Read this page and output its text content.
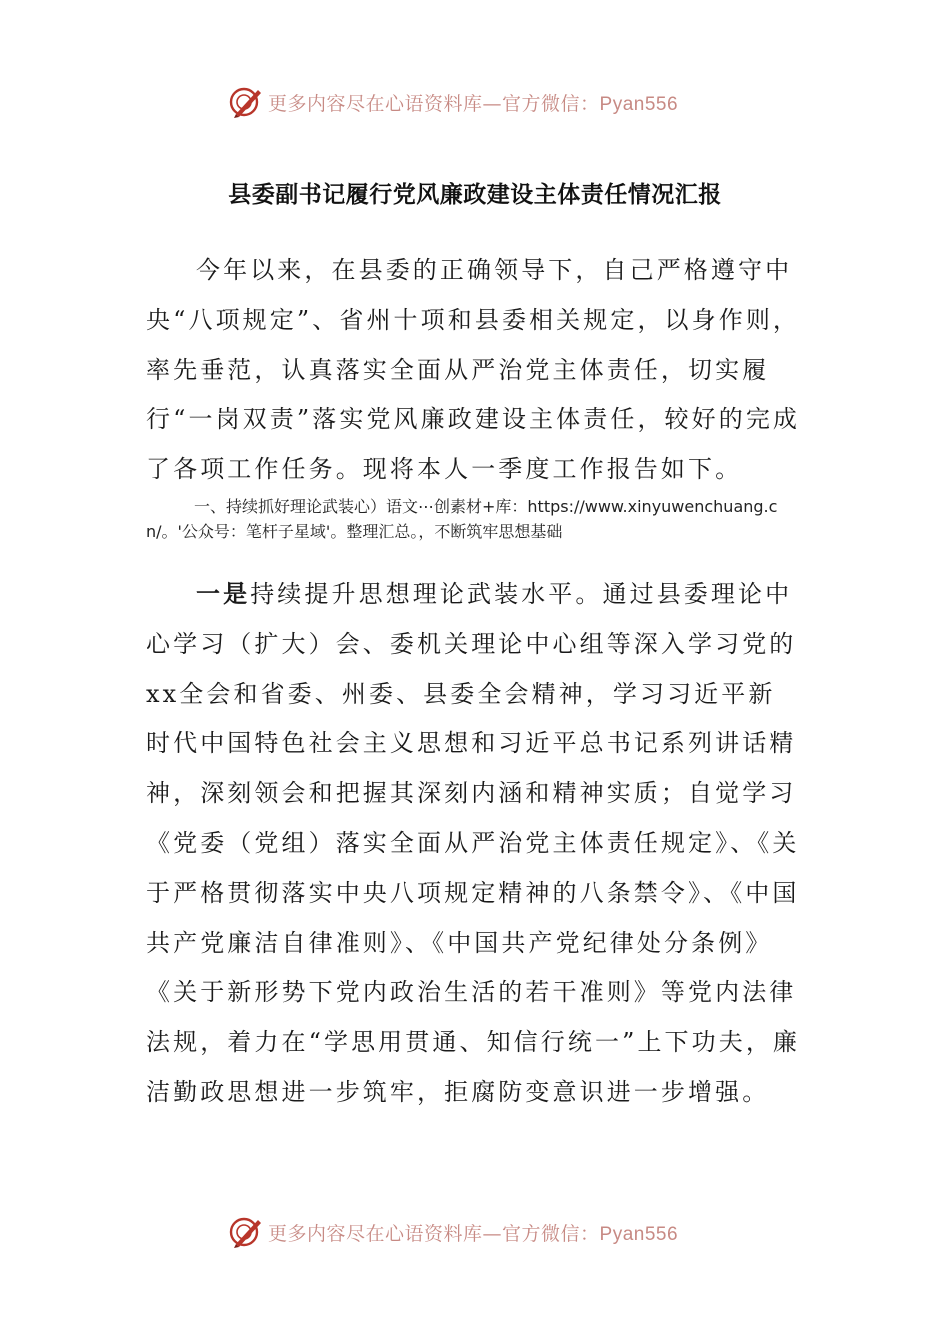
更多内容尽在心语资料库—官方微信：Pyan556
县委副书记履行党风廉政建设主体责任情况汇报
今年以来，在县委的正确领导下，自己严格遵守中央“八项规定”、省州十项和县委相关规定，以身作则，率先垂范，认真落实全面从严治党主体责任，切实履行“一岗双责”落实党风廉政建设主体责任，较好的完成了各项工作任务。现将本人一季度工作报告如下。
一、持续抓好理论武装心）语文⋯创素材+库：https://www.xinyuwenchuang.cn/。'公众号：笔杆子星域'。整理汇总。，不断筑牢思想基础
一是持续提升思想理论武装水平。通过县委理论中心学习（扩大）会、委机关理论中心组等深入学习党的xx全会和省委、州委、县委全会精神，学习习近平新时代中国特色社会主义思想和习近平总书记系列讲话精神，深刻领会和把握其深刻内涵和精神实质；自觉学习《党委（党组）落实全面从严治党主体责任规定》、《关于严格贯彻落实中央八项规定精神的八条禁令》、《中国共产党廉洁自律准则》、《中国共产党纪律处分条例》《关于新形势下党内政治生活的若干准则》等党内法律法规，着力在“学思用贯通、知信行统一”上下功夫，廉洁勤政思想进一步筑牢，拒腐防变意识进一步增强。
更多内容尽在心语资料库—官方微信：Pyan556
